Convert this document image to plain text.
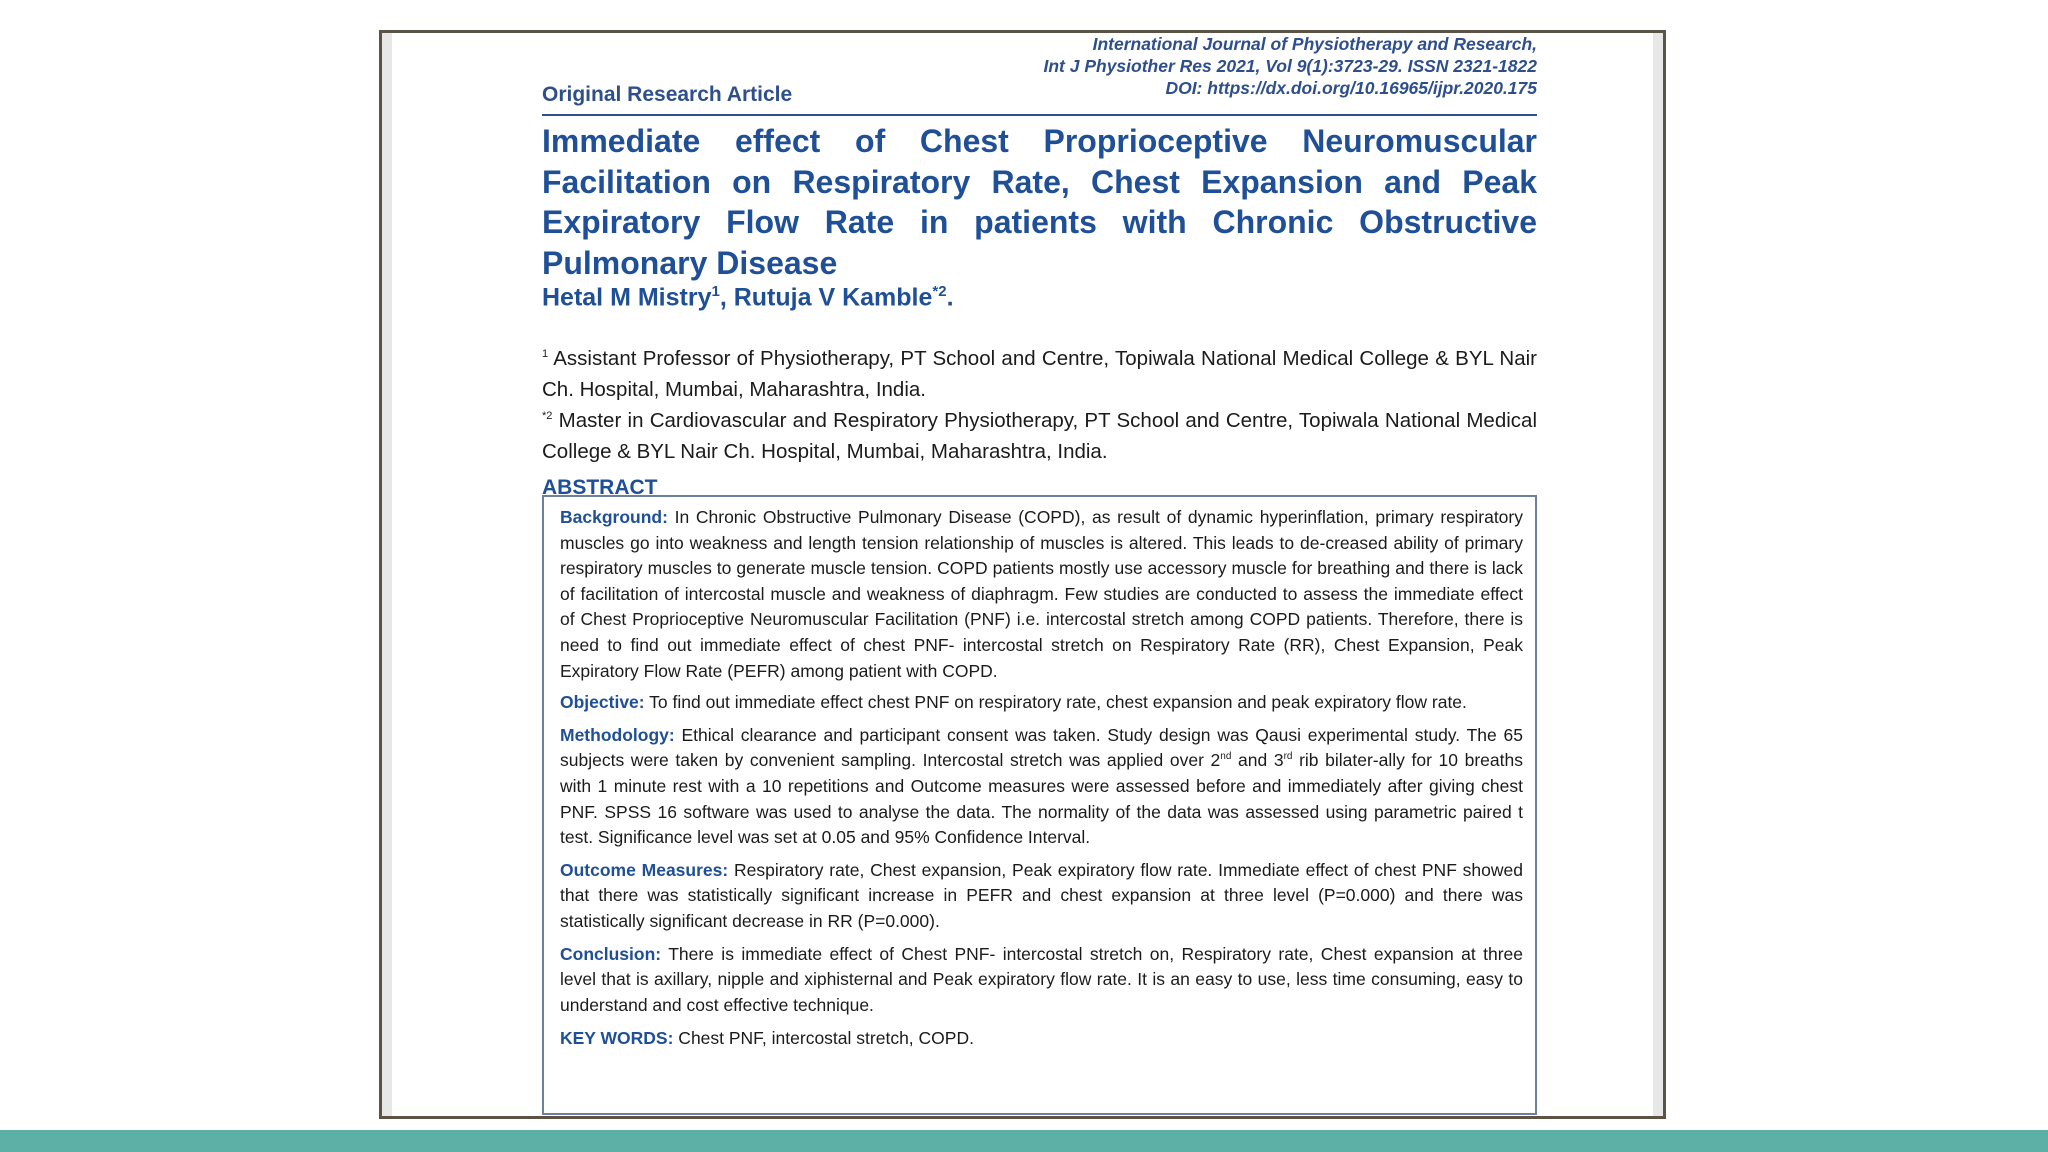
International Journal of Physiotherapy and Research,
Int J Physiother Res 2021, Vol 9(1):3723-29. ISSN 2321-1822
DOI: https://dx.doi.org/10.16965/ijpr.2020.175
Original Research Article
Immediate effect of Chest Proprioceptive Neuromuscular Facilitation on Respiratory Rate, Chest Expansion and Peak Expiratory Flow Rate in patients with Chronic Obstructive Pulmonary Disease
Hetal M Mistry$^1$, Rutuja V Kamble$^{*2}$.

$^1$ Assistant Professor of Physiotherapy, PT School and Centre, Topiwala National Medical College & BYL Nair Ch. Hospital, Mumbai, Maharashtra, India.

$^{*2}$ Master in Cardiovascular and Respiratory Physiotherapy, PT School and Centre, Topiwala National Medical College & BYL Nair Ch. Hospital, Mumbai, Maharashtra, India.

ABSTRACT

Background: In Chronic Obstructive Pulmonary Disease (COPD), as result of dynamic hyperinflation, primary respiratory muscles go into weakness and length tension relationship of muscles is altered. This leads to de-creased ability of primary respiratory muscles to generate muscle tension. COPD patients mostly use accessory muscle for breathing and there is lack of facilitation of intercostal muscle and weakness of diaphragm. Few studies are conducted to assess the immediate effect of Chest Proprioceptive Neuromuscular Facilitation (PNF) i.e. intercostal stretch among COPD patients. Therefore, there is need to find out immediate effect of chest PNF- intercostal stretch on Respiratory Rate (RR), Chest Expansion, Peak Expiratory Flow Rate (PEFR) among patient with COPD.

Objective: To find out immediate effect chest PNF on respiratory rate, chest expansion and peak expiratory flow rate.

Methodology: Ethical clearance and participant consent was taken. Study design was Qausi experimental study. The 65 subjects were taken by convenient sampling. Intercostal stretch was applied over 2nd and 3rd rib bilater-ally for 10 breaths with 1 minute rest with a 10 repetitions and Outcome measures were assessed before and immediately after giving chest PNF. SPSS 16 software was used to analyse the data. The normality of the data was assessed using parametric paired t test. Significance level was set at 0.05 and 95% Confidence Interval.

Outcome Measures: Respiratory rate, Chest expansion, Peak expiratory flow rate. Immediate effect of chest PNF showed that there was statistically significant increase in PEFR and chest expansion at three level (P=0.000) and there was statistically significant decrease in RR (P=0.000).

Conclusion: There is immediate effect of Chest PNF- intercostal stretch on, Respiratory rate, Chest expansion at three level that is axillary, nipple and xiphisternal and Peak expiratory flow rate. It is an easy to use, less time consuming, easy to understand and cost effective technique.

KEY WORDS: Chest PNF, intercostal stretch, COPD.
